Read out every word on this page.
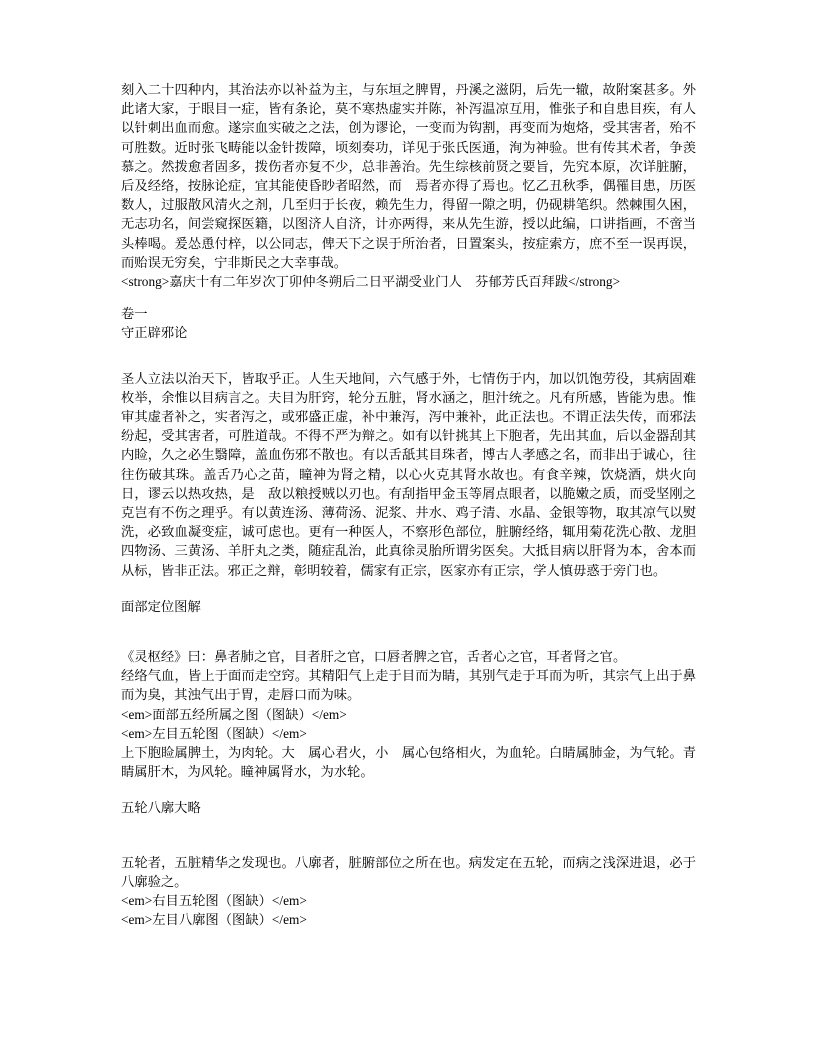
刻入二十四种内，其治法亦以补益为主，与东垣之脾胃，丹溪之滋阴，后先一辙，故附案甚多。外此诸大家，于眼目一症，皆有条论，莫不寒热虚实并陈，补泻温凉互用，惟张子和自患目疾，有人以针刺出血而愈。遂宗血实破之之法，创为谬论，一变而为钩割，再变而为炮烙，受其害者，殆不可胜数。近时张飞畴能以金针拨障，顷刻奏功，详见于张氏医通，洵为神验。世有传其术者，争羡慕之。然拨愈者固多，拨伤者亦复不少，总非善治。先生综核前贤之要旨，先究本原，次详脏腑，后及经络，按脉论症，宜其能使昏眇者昭然，而　焉者亦得了焉也。忆乙丑秋季，偶罹目患，历医数人，过服散风清火之剂，几至归于长夜，赖先生力，得留一隙之明，仍砚耕笔织。然棘围久困，无志功名，间尝窥探医籍，以图济人自济，计亦两得，来从先生游，授以此编，口讲指画，不啻当头棒喝。爰怂恿付梓，以公同志，俾天下之误于所治者，日置案头，按症索方，庶不至一误再误，而贻误无穷矣，宁非斯民之大幸事哉。
<strong>嘉庆十有二年岁次丁卯仲冬朔后二日平湖受业门人　芬郁芳氏百拜跋</strong>
卷一
守正辟邪论
圣人立法以治天下，皆取乎正。人生天地间，六气感于外，七情伤于内，加以饥饱劳役，其病固难枚举，余惟以目病言之。夫目为肝窍，轮分五脏，肾水涵之，胆汁统之。凡有所感，皆能为患。惟审其虚者补之，实者泻之，或邪盛正虚，补中兼泻，泻中兼补，此正法也。不谓正法失传，而邪法纷起，受其害者，可胜道哉。不得不严为辩之。如有以针挑其上下胞者，先出其血，后以金器刮其内睑，久之必生翳障，盖血伤邪不散也。有以舌舐其目珠者，博古人孝感之名，而非出于诚心，往往伤破其珠。盖舌乃心之苗，瞳神为肾之精，以心火克其肾水故也。有食辛辣，饮烧酒，烘火向日，谬云以热攻热，是　敌以粮授贼以刃也。有刮指甲金玉等屑点眼者，以脆嫩之质，而受坚刚之克岂有不伤之理乎。有以黄连汤、薄荷汤、泥浆、井水、鸡子清、水晶、金银等物，取其凉气以熨洗，必致血凝变症，诚可虑也。更有一种医人，不察形色部位，脏腑经络，辄用菊花洗心散、龙胆四物汤、三黄汤、羊肝丸之类，随症乱治，此真徐灵胎所谓劣医矣。大抵目病以肝肾为本，舍本而从标，皆非正法。邪正之辩，彰明较着，儒家有正宗，医家亦有正宗，学人慎毋惑于旁门也。
面部定位图解
《灵枢经》曰：鼻者肺之官，目者肝之官，口唇者脾之官，舌者心之官，耳者肾之官。
经络气血，皆上于面而走空窍。其精阳气上走于目而为睛，其别气走于耳而为听，其宗气上出于鼻而为臭，其浊气出于胃，走唇口而为味。
<em>面部五经所属之图（图缺）</em>
<em>左目五轮图（图缺）</em>
上下胞睑属脾土，为肉轮。大　属心君火，小　属心包络相火，为血轮。白睛属肺金，为气轮。青睛属肝木，为风轮。瞳神属肾水，为水轮。
五轮八廓大略
五轮者，五脏精华之发现也。八廓者，脏腑部位之所在也。病发定在五轮，而病之浅深进退，必于八廓验之。
<em>右目五轮图（图缺）</em>
<em>左目八廓图（图缺）</em>
